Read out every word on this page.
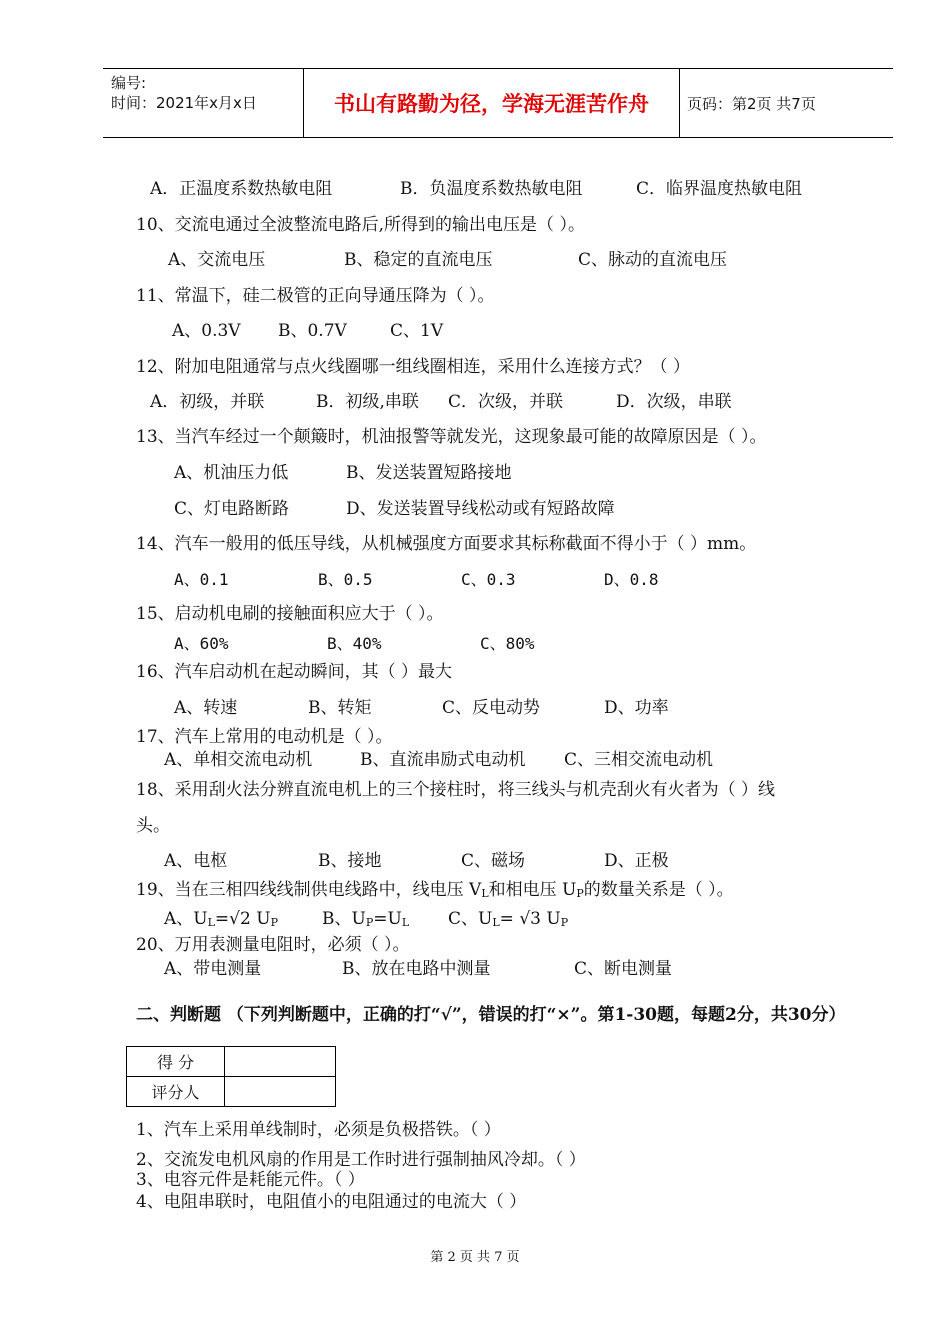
编号:
时间：2021年x月x日	书山有路勤为径，学海无涯苦作舟	页码：第2页 共7页
A．正温度系数热敏电阻	B．负温度系数热敏电阻	C．临界温度热敏电阻
10、交流电通过全波整流电路后,所得到的输出电压是（ ）。
A、交流电压	B、稳定的直流电压	C、脉动的直流电压
11、常温下，硅二极管的正向导通压降为（ ）。
A、0.3V B、0.7V	C、1V
12、附加电阻通常与点火线圈哪一组线圈相连，采用什么连接方式？（ ）
A．初级，并联	B．初级,串联 C．次级，并联	D．次级，串联
13、当汽车经过一个颠簸时，机油报警等就发光，这现象最可能的故障原因是（ ）。
A、机油压力低	B、发送装置短路接地
C、灯电路断路	D、发送装置导线松动或有短路故障
14、汽车一般用的低压导线，从机械强度方面要求其标称截面不得小于（ ）mm。
A、0.1	B、0.5	C、0.3	D、0.8
15、启动机电刷的接触面积应大于（ ）。
A、60%	B、40%	C、80%
16、汽车启动机在起动瞬间，其（ ）最大
A、转速	B、转矩	C、反电动势	D、功率
17、汽车上常用的电动机是（ ）。
A、单相交流电动机	B、直流串励式电动机 C、三相交流电动机
18、采用刮火法分辨直流电机上的三个接柱时，将三线头与机壳刮火有火者为（ ）线
头。
A、电枢	B、接地	C、磁场	D、正极
19、当在三相四线线制供电线路中，线电压 $V_L$和相电压 $U_P$的数量关系是（ ）。
A、$U_L=√2$ $U_P$	B、$U_P=U_L$ C、$U_L= √3$ $U_P$
20、万用表测量电阻时，必须（ ）。
A、带电测量	B、放在电路中测量	C、断电测量
二、判断题 （下列判断题中，正确的打“√”，错误的打“×”。第1-30题，每题2分，共30分）
得 分	
评分人	
1、汽车上采用单线制时，必须是负极搭铁。（ ）
2、交流发电机风扇的作用是工作时进行强制抽风冷却。（ ）
3、电容元件是耗能元件。（ ）
4、电阻串联时，电阻值小的电阻通过的电流大（ ）
第 2 页 共 7 页
